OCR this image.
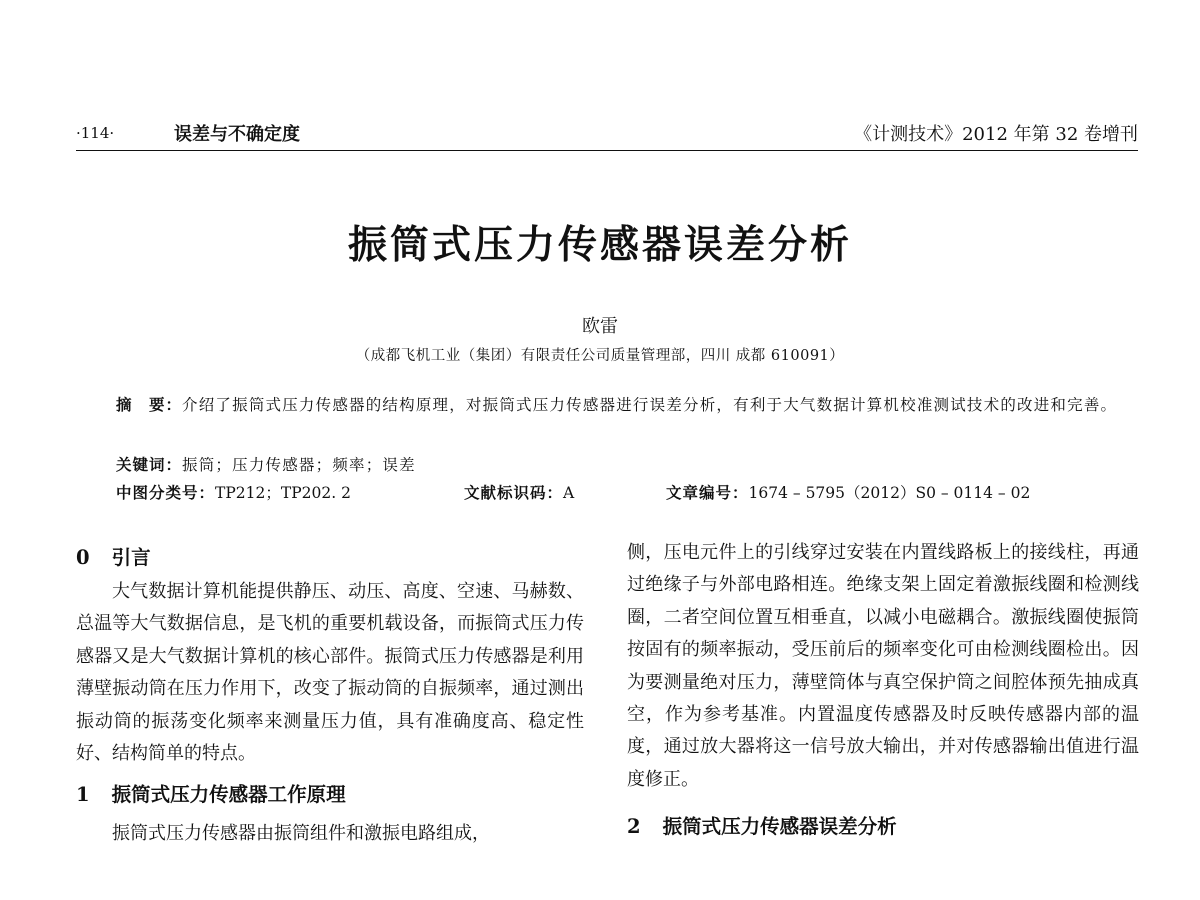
·114·	误差与不确定度	《计测技术》2012 年第 32 卷增刊
振筒式压力传感器误差分析
欧雷
（成都飞机工业（集团）有限责任公司质量管理部，四川 成都 610091）
摘　要：介绍了振筒式压力传感器的结构原理，对振筒式压力传感器进行误差分析，有利于大气数据计算机校准测试技术的改进和完善。
关键词：振筒；压力传感器；频率；误差
中图分类号：TP212；TP202. 2	文献标识码：A	文章编号：1674 – 5795（2012）S0 – 0114 – 02
0 引言

大气数据计算机能提供静压、动压、高度、空速、马赫数、总温等大气数据信息，是飞机的重要机载设备，而振筒式压力传感器又是大气数据计算机的核心部件。振筒式压力传感器是利用薄壁振动筒在压力作用下，改变了振动筒的自振频率，通过测出振动筒的振荡变化频率来测量压力值，具有准确度高、稳定性好、结构简单的特点。

1 振筒式压力传感器工作原理

振筒式压力传感器由振筒组件和激振电路组成，

侧，压电元件上的引线穿过安装在内置线路板上的接线柱，再通过绝缘子与外部电路相连。绝缘支架上固定着激振线圈和检测线圈，二者空间位置互相垂直，以减小电磁耦合。激振线圈使振筒按固有的频率振动，受压前后的频率变化可由检测线圈检出。因为要测量绝对压力，薄壁筒体与真空保护筒之间腔体预先抽成真空，作为参考基准。内置温度传感器及时反映传感器内部的温度，通过放大器将这一信号放大输出，并对传感器输出值进行温度修正。

2 振筒式压力传感器误差分析
